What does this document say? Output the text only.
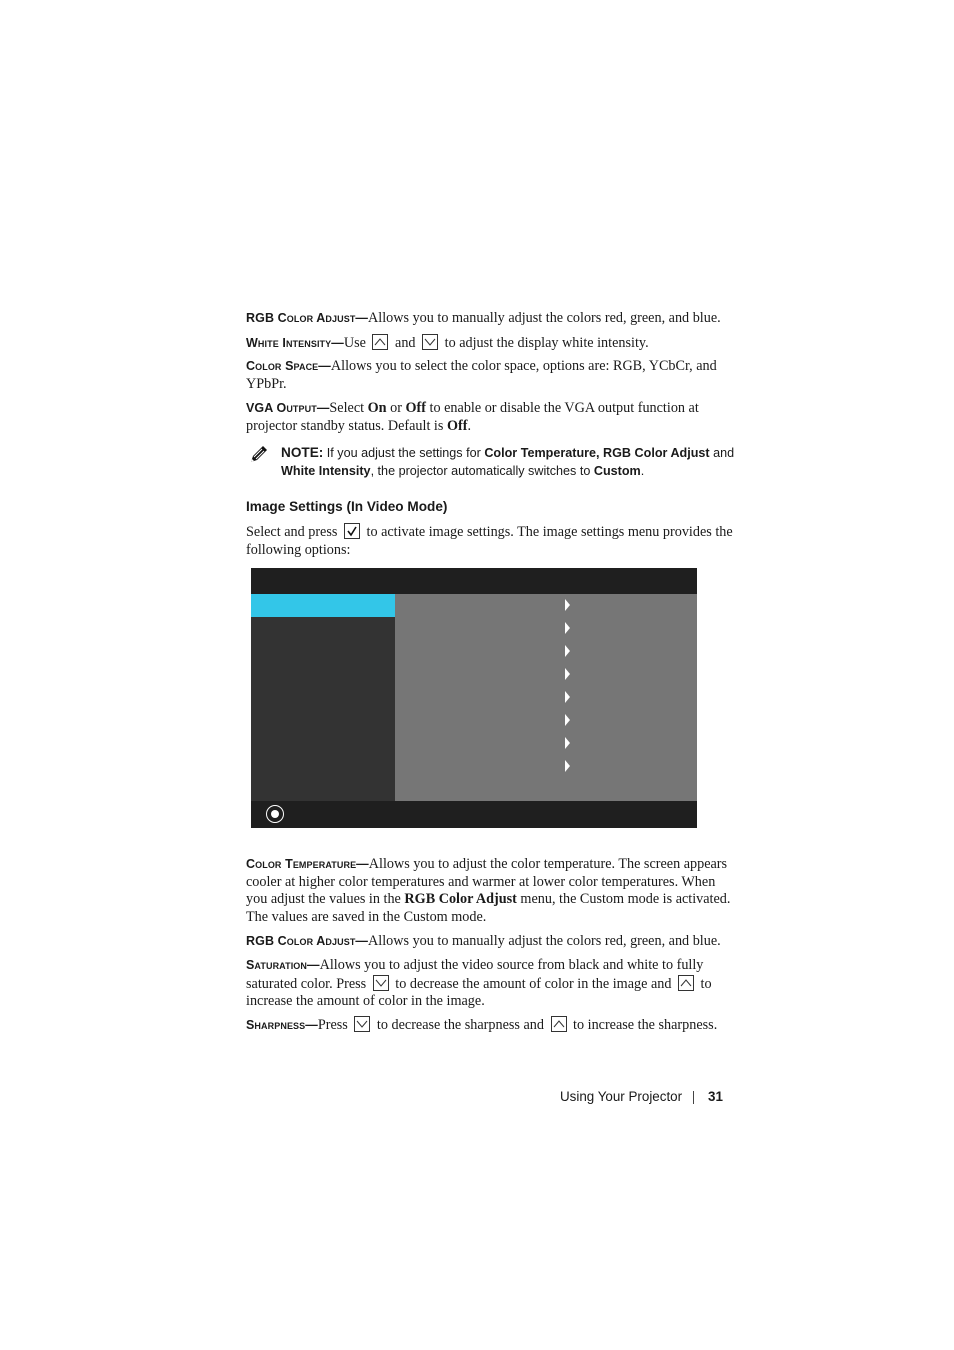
RGB Color Adjust—Allows you to manually adjust the colors red, green, and blue.
White Intensity—Use and to adjust the display white intensity.
Color Space—Allows you to select the color space, options are: RGB, YCbCr, and YPbPr.
VGA Output—Select On or Off to enable or disable the VGA output function at projector standby status. Default is Off.
NOTE: If you adjust the settings for Color Temperature, RGB Color Adjust and White Intensity, the projector automatically switches to Custom.
Image Settings (In Video Mode)
Select and press to activate image settings. The image settings menu provides the following options:
Color Temperature—Allows you to adjust the color temperature. The screen appears cooler at higher color temperatures and warmer at lower color temperatures. When you adjust the values in the RGB Color Adjust menu, the Custom mode is activated. The values are saved in the Custom mode.
RGB Color Adjust—Allows you to manually adjust the colors red, green, and blue.
Saturation—Allows you to adjust the video source from black and white to fully saturated color. Press to decrease the amount of color in the image and to increase the amount of color in the image.
Sharpness—Press to decrease the sharpness and to increase the sharpness.
Using Your Projector 31
